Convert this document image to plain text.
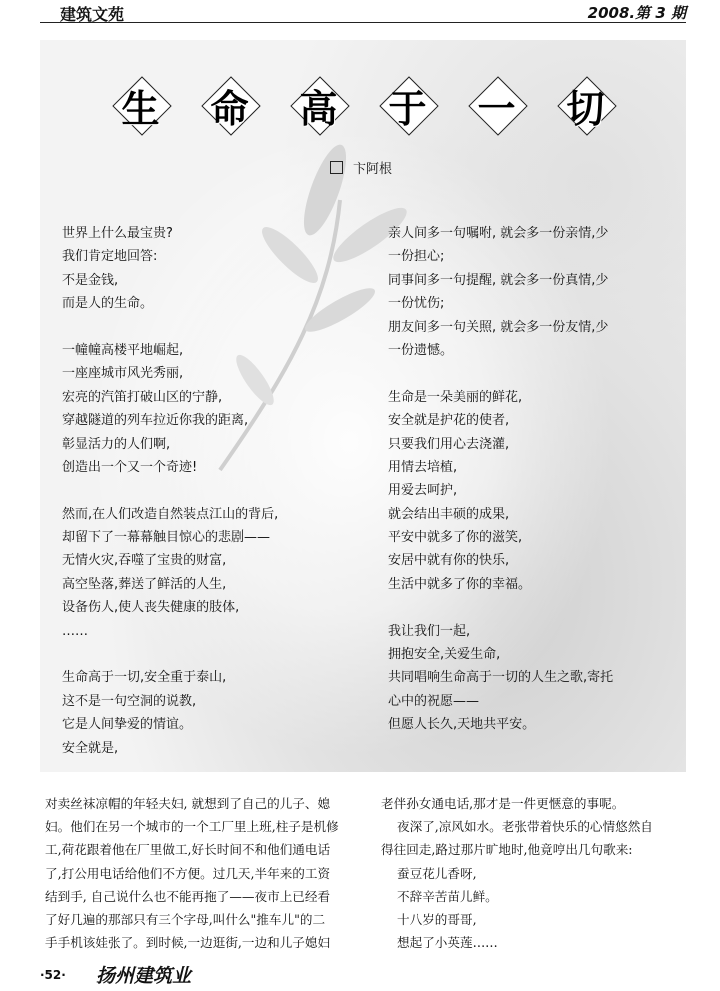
建筑文苑	2008.第 3 期
生 命 高 于 一 切
卞阿根
世界上什么最宝贵?
我们肯定地回答:
不是金钱,
而是人的生命。
一幢幢高楼平地崛起,
一座座城市风光秀丽,
宏亮的汽笛打破山区的宁静,
穿越隧道的列车拉近你我的距离,
彰显活力的人们啊,
创造出一个又一个奇迹!
然而,在人们改造自然装点江山的背后,
却留下了一幕幕触目惊心的悲剧——
无情火灾,吞噬了宝贵的财富,
高空坠落,葬送了鲜活的人生,
设备伤人,使人丧失健康的肢体,
……
生命高于一切,安全重于泰山,
这不是一句空洞的说教,
它是人间挚爱的情谊。
安全就是,
亲人间多一句嘱咐, 就会多一份亲情,少
一份担心;
同事间多一句提醒, 就会多一份真情,少
一份忧伤;
朋友间多一句关照, 就会多一份友情,少
一份遗憾。
生命是一朵美丽的鲜花,
安全就是护花的使者,
只要我们用心去浇灌,
用情去培植,
用爱去呵护,
就会结出丰硕的成果,
平安中就多了你的滋笑,
安居中就有你的快乐,
生活中就多了你的幸福。
我让我们一起,
拥抱安全,关爱生命,
共同唱响生命高于一切的人生之歌,寄托
心中的祝愿——
但愿人长久,天地共平安。
对卖丝袜凉帽的年轻夫妇, 就想到了自己的儿子、媳
妇。他们在另一个城市的一个工厂里上班,柱子是机修
工,荷花跟着他在厂里做工,好长时间不和他们通电话
了,打公用电话给他们不方便。过几天,半年来的工资
结到手, 自己说什么也不能再拖了——夜市上已经看
了好几遍的那部只有三个字母,叫什么"推车儿"的二
手手机该娃张了。到时候,一边逛街,一边和儿子媳妇
老伴孙女通电话,那才是一件更惬意的事呢。
夜深了,凉风如水。老张带着快乐的心情悠然自
得往回走,路过那片旷地时,他竟哼出几句歌来:
蚕豆花儿香呀,
不辞辛苦苗儿鲜。
十八岁的哥哥,
想起了小英莲……
·52· 扬州建筑业
